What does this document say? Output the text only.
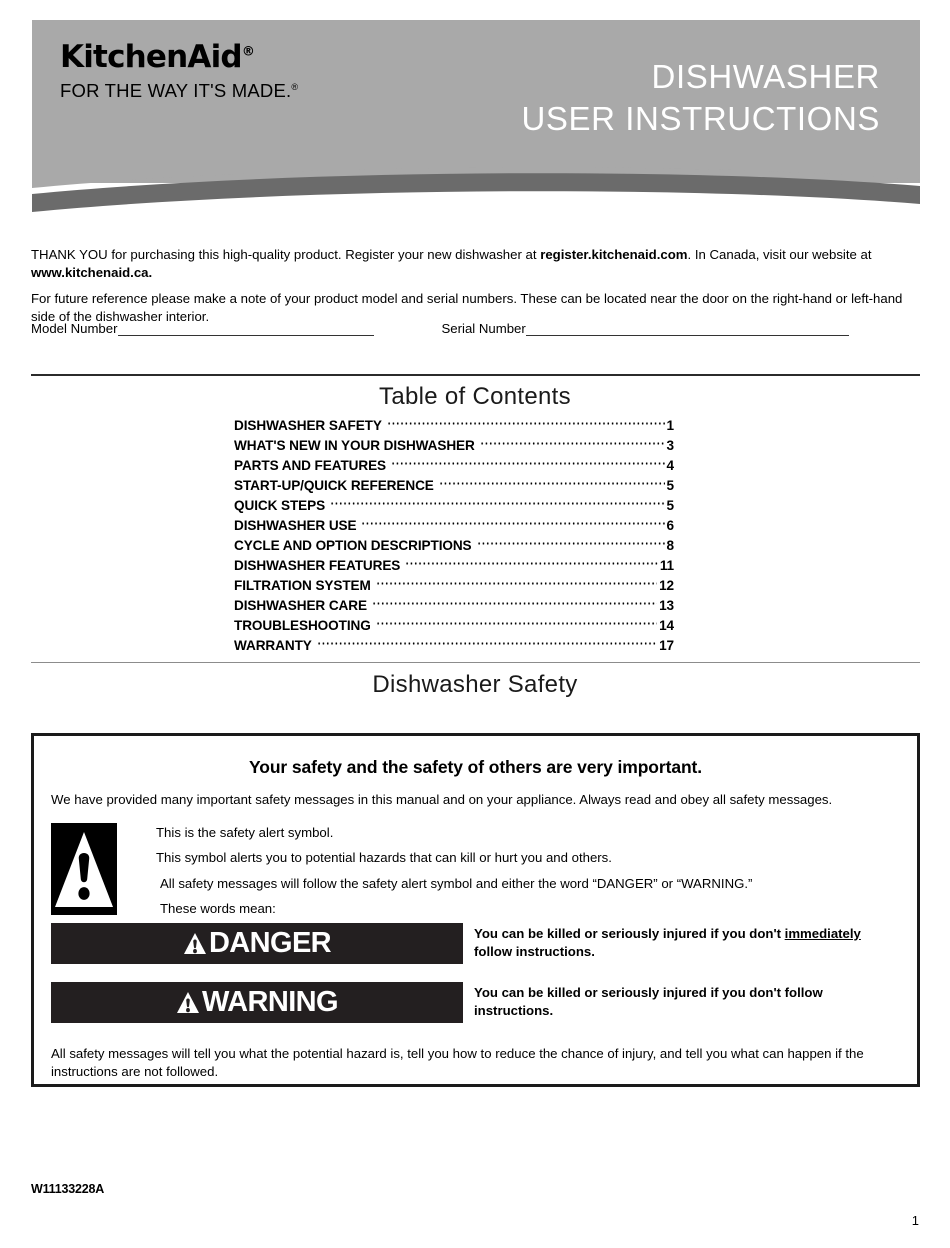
KitchenAid®
FOR THE WAY IT'S MADE.®	DISHWASHER
USER INSTRUCTIONS

THANK YOU for purchasing this high-quality product. Register your new dishwasher at register.kitchenaid.com. In Canada, visit our website at www.kitchenaid.ca.

For future reference please make a note of your product model and serial numbers. These can be located near the door on the right-hand or left-hand side of the dishwasher interior.

Model Number	Serial Number
Table of Contents
DISHWASHER SAFETY	1
WHAT'S NEW IN YOUR DISHWASHER	3
PARTS AND FEATURES	4
START-UP/QUICK REFERENCE	5
QUICK STEPS	5
DISHWASHER USE	6
CYCLE AND OPTION DESCRIPTIONS	8
DISHWASHER FEATURES	11
FILTRATION SYSTEM	12
DISHWASHER CARE	13
TROUBLESHOOTING	14
WARRANTY	17
Dishwasher Safety
Your safety and the safety of others are very important.
We have provided many important safety messages in this manual and on your appliance. Always read and obey all safety messages.
This is the safety alert symbol.
This symbol alerts you to potential hazards that can kill or hurt you and others.
All safety messages will follow the safety alert symbol and either the word “DANGER” or “WARNING.”
These words mean:
DANGER	You can be killed or seriously injured if you don't immediately follow instructions.
WARNING	You can be killed or seriously injured if you don't follow instructions.
All safety messages will tell you what the potential hazard is, tell you how to reduce the chance of injury, and tell you what can happen if the instructions are not followed.
W11133228A
1
